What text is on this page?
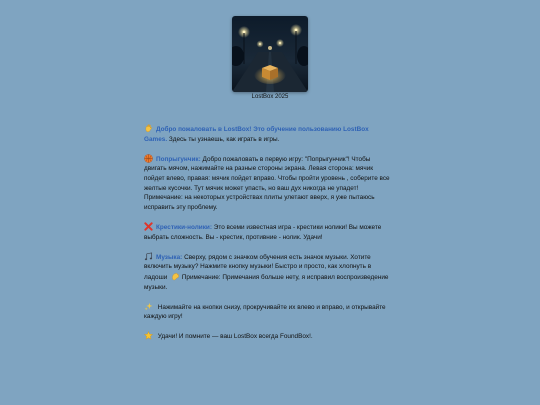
LostBox 2025

Добро пожаловать в LostBox! Это обучение пользованию LostBox Games. Здесь ты узнаешь, как играть в игры.

Попрыгунчик: Добро пожаловать в первую игру: "Попрыгунчик"! Чтобы двигать мячом, нажимайте на разные стороны экрана. Левая сторона: мячик пойдет влево, правая: мячик пойдет вправо. Чтобы пройти уровень , соберите все желтые кусочки. Тут мячик может упасть, но ваш дух никогда не упадет! Примечание: на некоторых устройствах плиты улетают вверх, я уже пытаюсь исправить эту проблему.

Крестики-нолики: Это всеми известная игра - крестики нолики! Вы можете выбрать сложность. Вы - крестик, противние - нолик. Удачи!

Музыка: Сверху, рядом с значком обучения есть значок музыки. Хотите включить музыку? Нажмите кнопку музыки! Быстро и просто, как хлопнуть в ладоши  Примечание: Примечания больше нету, я исправил воспроизведение музыки.

Нажимайте на кнопки снизу, прокручивайте их влево и вправо, и открывайте каждую игру!

Удачи! И помните — ваш LostBox всегда FoundBox!.
